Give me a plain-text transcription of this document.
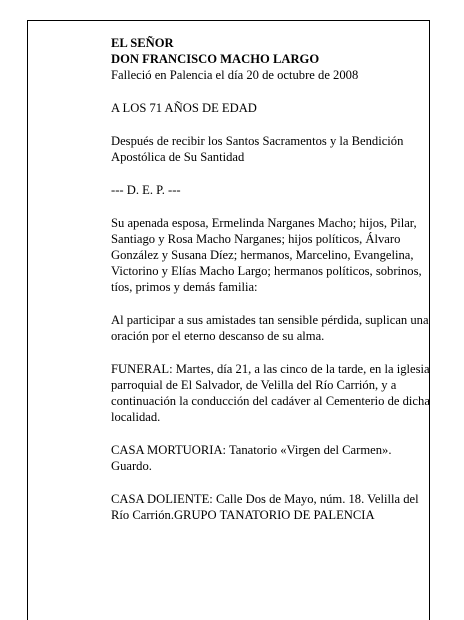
EL SEÑOR

DON FRANCISCO MACHO LARGO

Falleció en Palencia el día 20 de octubre de 2008

A LOS 71 AÑOS DE EDAD

Después de recibir los Santos Sacramentos y la Bendición Apostólica de Su Santidad

--- D. E. P. ---

Su apenada esposa, Ermelinda Narganes Macho; hijos, Pilar, Santiago y Rosa Macho Narganes; hijos políticos, Álvaro González y Susana Díez; hermanos, Marcelino, Evangelina, Victorino y Elías Macho Largo; hermanos políticos, sobrinos, tíos, primos y demás familia:

Al participar a sus amistades tan sensible pérdida, suplican una oración por el eterno descanso de su alma.

FUNERAL: Martes, día 21, a las cinco de la tarde, en la iglesia parroquial de El Salvador, de Velilla del Río Carrión, y a continuación la conducción del cadáver al Cementerio de dicha localidad.

CASA MORTUORIA: Tanatorio «Virgen del Carmen». Guardo.

CASA DOLIENTE: Calle Dos de Mayo, núm. 18. Velilla del Río Carrión.GRUPO TANATORIO DE PALENCIA
